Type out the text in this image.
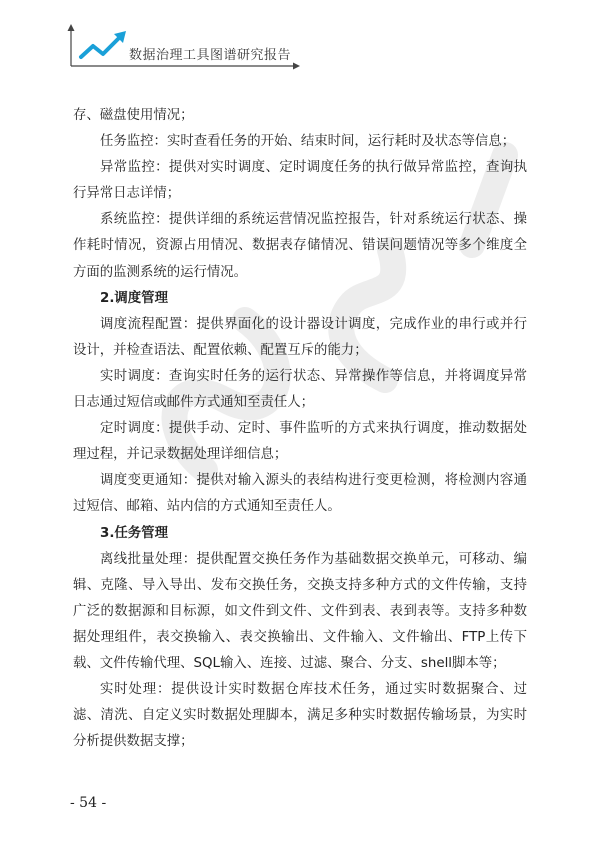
数据治理工具图谱研究报告

存、磁盘使用情况；

任务监控：实时查看任务的开始、结束时间，运行耗时及状态等信息；

异常监控：提供对实时调度、定时调度任务的执行做异常监控，查询执行异常日志详情；

系统监控：提供详细的系统运营情况监控报告，针对系统运行状态、操作耗时情况，资源占用情况、数据表存储情况、错误问题情况等多个维度全方面的监测系统的运行情况。

2.调度管理

调度流程配置：提供界面化的设计器设计调度，完成作业的串行或并行设计，并检查语法、配置依赖、配置互斥的能力；

实时调度：查询实时任务的运行状态、异常操作等信息，并将调度异常日志通过短信或邮件方式通知至责任人；

定时调度：提供手动、定时、事件监听的方式来执行调度，推动数据处理过程，并记录数据处理详细信息；

调度变更通知：提供对输入源头的表结构进行变更检测，将检测内容通过短信、邮箱、站内信的方式通知至责任人。

3.任务管理

离线批量处理：提供配置交换任务作为基础数据交换单元，可移动、编辑、克隆、导入导出、发布交换任务，交换支持多种方式的文件传输，支持广泛的数据源和目标源，如文件到文件、文件到表、表到表等。支持多种数据处理组件，表交换输入、表交换输出、文件输入、文件输出、FTP上传下载、文件传输代理、SQL输入、连接、过滤、聚合、分支、shell脚本等；

实时处理：提供设计实时数据仓库技术任务，通过实时数据聚合、过滤、清洗、自定义实时数据处理脚本，满足多种实时数据传输场景，为实时分析提供数据支撑；

- 54 -
